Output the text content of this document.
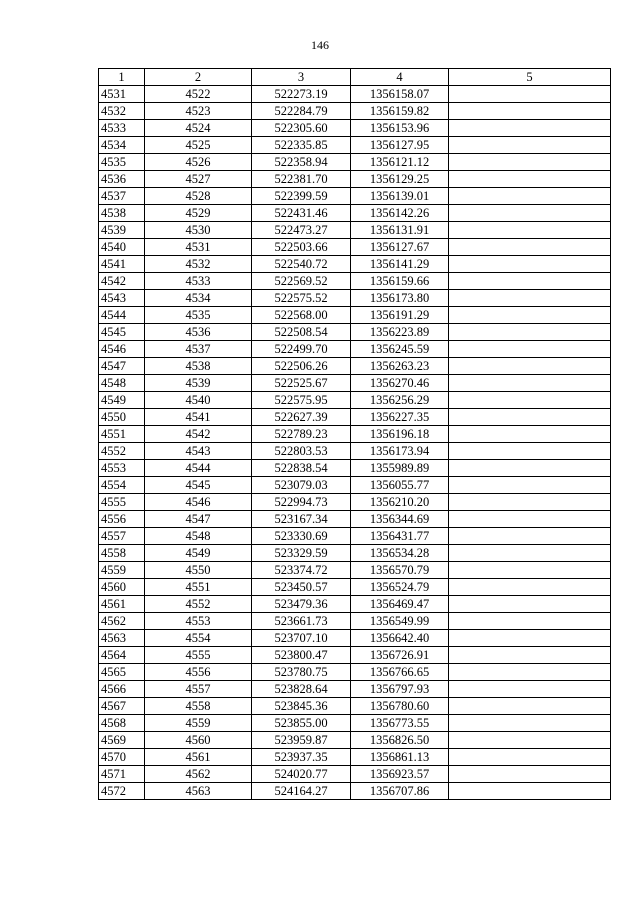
146
1	2	3	4	5
4531	4522	522273.19	1356158.07	
4532	4523	522284.79	1356159.82	
4533	4524	522305.60	1356153.96	
4534	4525	522335.85	1356127.95	
4535	4526	522358.94	1356121.12	
4536	4527	522381.70	1356129.25	
4537	4528	522399.59	1356139.01	
4538	4529	522431.46	1356142.26	
4539	4530	522473.27	1356131.91	
4540	4531	522503.66	1356127.67	
4541	4532	522540.72	1356141.29	
4542	4533	522569.52	1356159.66	
4543	4534	522575.52	1356173.80	
4544	4535	522568.00	1356191.29	
4545	4536	522508.54	1356223.89	
4546	4537	522499.70	1356245.59	
4547	4538	522506.26	1356263.23	
4548	4539	522525.67	1356270.46	
4549	4540	522575.95	1356256.29	
4550	4541	522627.39	1356227.35	
4551	4542	522789.23	1356196.18	
4552	4543	522803.53	1356173.94	
4553	4544	522838.54	1355989.89	
4554	4545	523079.03	1356055.77	
4555	4546	522994.73	1356210.20	
4556	4547	523167.34	1356344.69	
4557	4548	523330.69	1356431.77	
4558	4549	523329.59	1356534.28	
4559	4550	523374.72	1356570.79	
4560	4551	523450.57	1356524.79	
4561	4552	523479.36	1356469.47	
4562	4553	523661.73	1356549.99	
4563	4554	523707.10	1356642.40	
4564	4555	523800.47	1356726.91	
4565	4556	523780.75	1356766.65	
4566	4557	523828.64	1356797.93	
4567	4558	523845.36	1356780.60	
4568	4559	523855.00	1356773.55	
4569	4560	523959.87	1356826.50	
4570	4561	523937.35	1356861.13	
4571	4562	524020.77	1356923.57	
4572	4563	524164.27	1356707.86	
